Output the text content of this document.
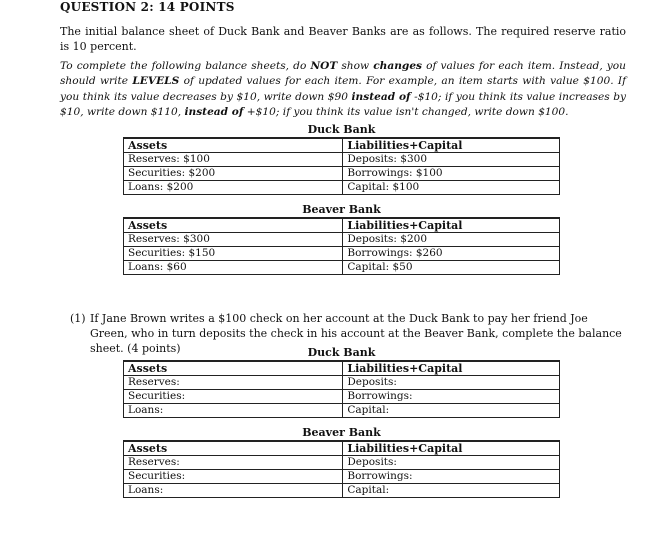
QUESTION 2: 14 POINTS
The initial balance sheet of Duck Bank and Beaver Banks are as follows. The required reserve ratio is 10 percent.
To complete the following balance sheets, do NOT show changes of values for each item. Instead, you should write LEVELS of updated values for each item. For example, an item starts with value $100. If you think its value decreases by $10, write down $90 instead of -$10; if you think its value increases by $10, write down $110, instead of +$10; if you think its value isn't changed, write down $100.
Duck Bank	
Assets	Liabilities+Capital
Reserves: $100	Deposits: $300
Securities: $200	Borrowings: $100
Loans: $200	Capital: $100
Beaver Bank	
Assets	Liabilities+Capital
Reserves: $300	Deposits: $200
Securities: $150	Borrowings: $260
Loans: $60	Capital: $50
(1) If Jane Brown writes a $100 check on her account at the Duck Bank to pay her friend Joe Green, who in turn deposits the check in his account at the Beaver Bank, complete the balance sheet. (4 points)	Duck Bank	
Assets	Liabilities+Capital
Reserves:	Deposits:
Securities:	Borrowings:
Loans:	Capital:
Beaver Bank	
Assets	Liabilities+Capital
Reserves:	Deposits:
Securities:	Borrowings:
Loans:	Capital:
